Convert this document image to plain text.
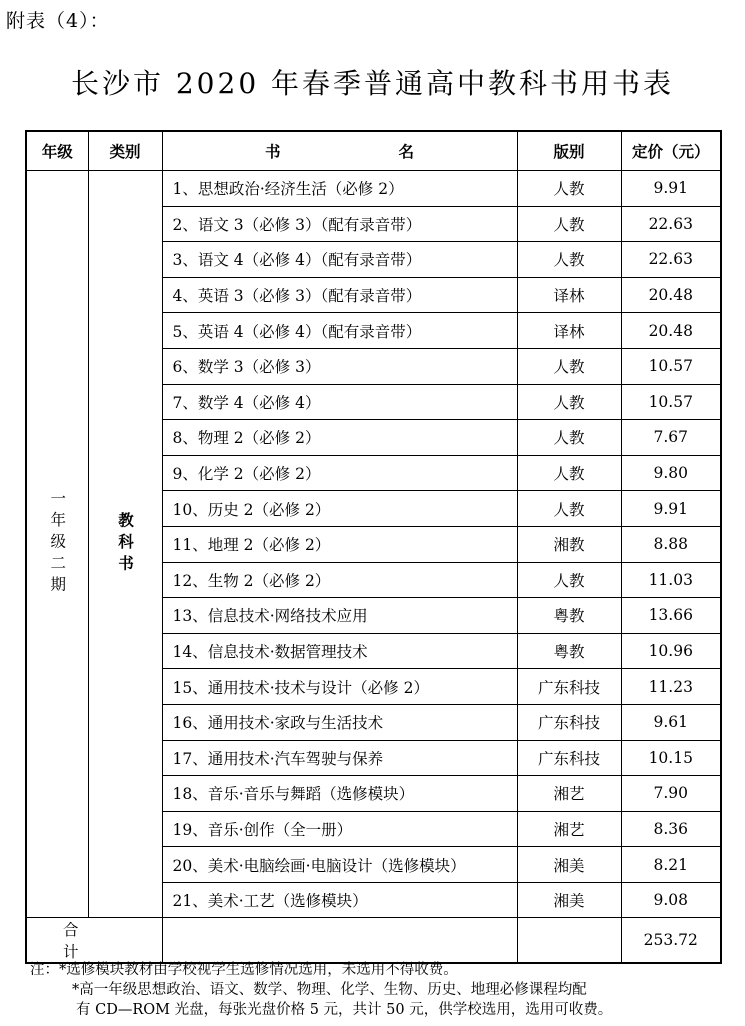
附表（4）：
长沙市 2020 年春季普通高中教科书用书表
年级	类别	书 名	版别	定价（元）

一年级二期	教科书	1、思想政治·经济生活（必修 2）	人教	9.91
		2、语文 3（必修 3）（配有录音带）	人教	22.63
		3、语文 4（必修 4）（配有录音带）	人教	22.63
		4、英语 3（必修 3）（配有录音带）	译林	20.48
		5、英语 4（必修 4）（配有录音带）	译林	20.48
		6、数学 3（必修 3）	人教	10.57
		7、数学 4（必修 4）	人教	10.57
		8、物理 2（必修 2）	人教	7.67
		9、化学 2（必修 2）	人教	9.80
		10、历史 2（必修 2）	人教	9.91
		11、地理 2（必修 2）	湘教	8.88
		12、生物 2（必修 2）	人教	11.03
		13、信息技术·网络技术应用	粤教	13.66
		14、信息技术·数据管理技术	粤教	10.96
		15、通用技术·技术与设计（必修 2）	广东科技	11.23
		16、通用技术·家政与生活技术	广东科技	9.61
		17、通用技术·汽车驾驶与保养	广东科技	10.15
		18、音乐·音乐与舞蹈（选修模块）	湘艺	7.90
		19、音乐·创作（全一册）	湘艺	8.36
		20、美术·电脑绘画·电脑设计（选修模块）	湘美	8.21
		21、美术·工艺（选修模块）	湘美	9.08
合计				253.72
注：*选修模块教材由学校视学生选修情况选用，未选用不得收费。
*高一年级思想政治、语文、数学、物理、化学、生物、历史、地理必修课程均配
有 CD—ROM 光盘，每张光盘价格 5 元，共计 50 元，供学校选用，选用可收费。
